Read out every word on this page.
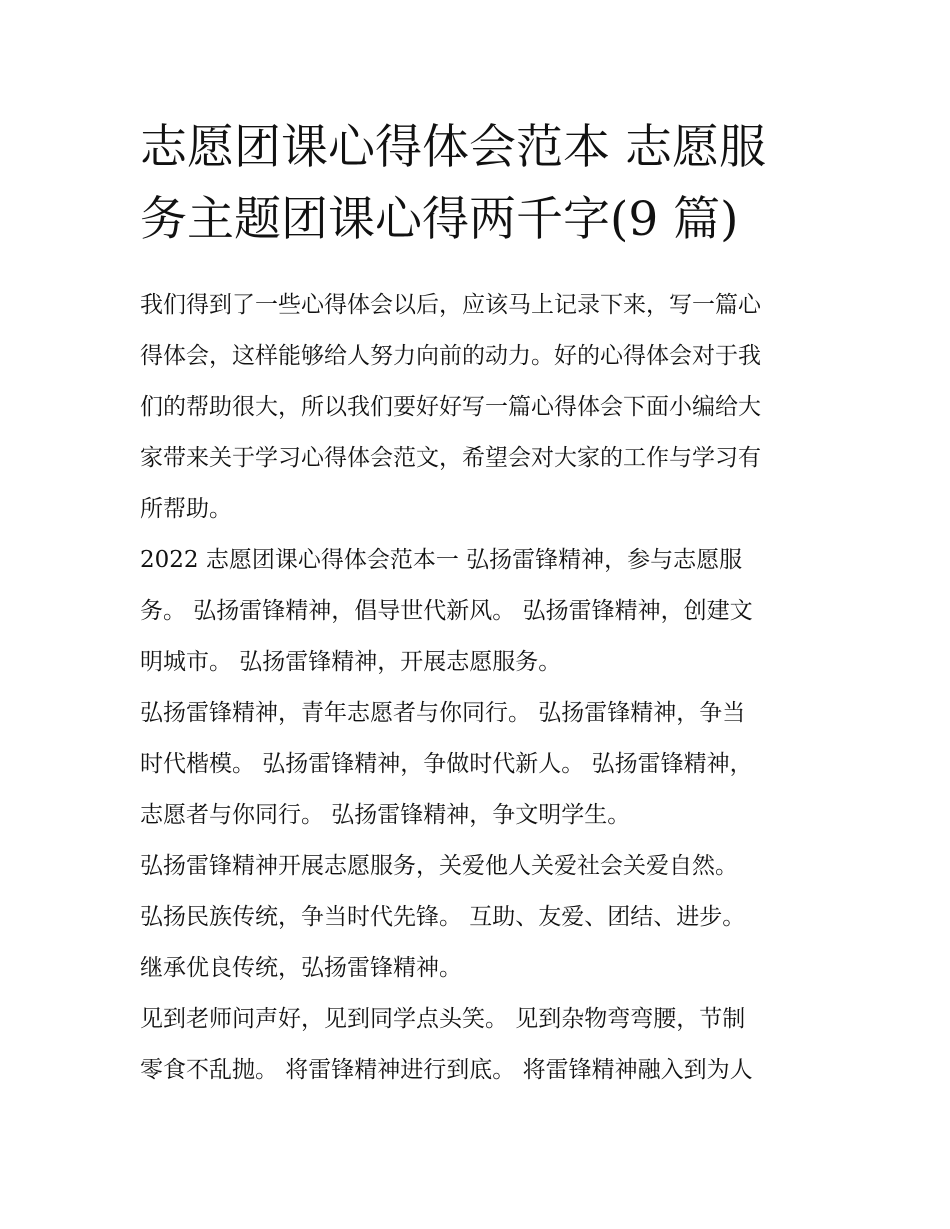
志愿团课心得体会范本 志愿服
务主题团课心得两千字(9 篇)

我们得到了一些心得体会以后，应该马上记录下来，写一篇心
得体会，这样能够给人努力向前的动力。好的心得体会对于我
们的帮助很大，所以我们要好好写一篇心得体会下面小编给大
家带来关于学习心得体会范文，希望会对大家的工作与学习有
所帮助。

2022 志愿团课心得体会范本一 弘扬雷锋精神，参与志愿服
务。 弘扬雷锋精神，倡导世代新风。 弘扬雷锋精神，创建文
明城市。 弘扬雷锋精神，开展志愿服务。

弘扬雷锋精神，青年志愿者与你同行。 弘扬雷锋精神，争当
时代楷模。 弘扬雷锋精神，争做时代新人。 弘扬雷锋精神，
志愿者与你同行。 弘扬雷锋精神，争文明学生。

弘扬雷锋精神开展志愿服务，关爱他人关爱社会关爱自然。
弘扬民族传统，争当时代先锋。 互助、友爱、团结、进步。
继承优良传统，弘扬雷锋精神。

见到老师问声好，见到同学点头笑。 见到杂物弯弯腰，节制
零食不乱抛。 将雷锋精神进行到底。 将雷锋精神融入到为人
